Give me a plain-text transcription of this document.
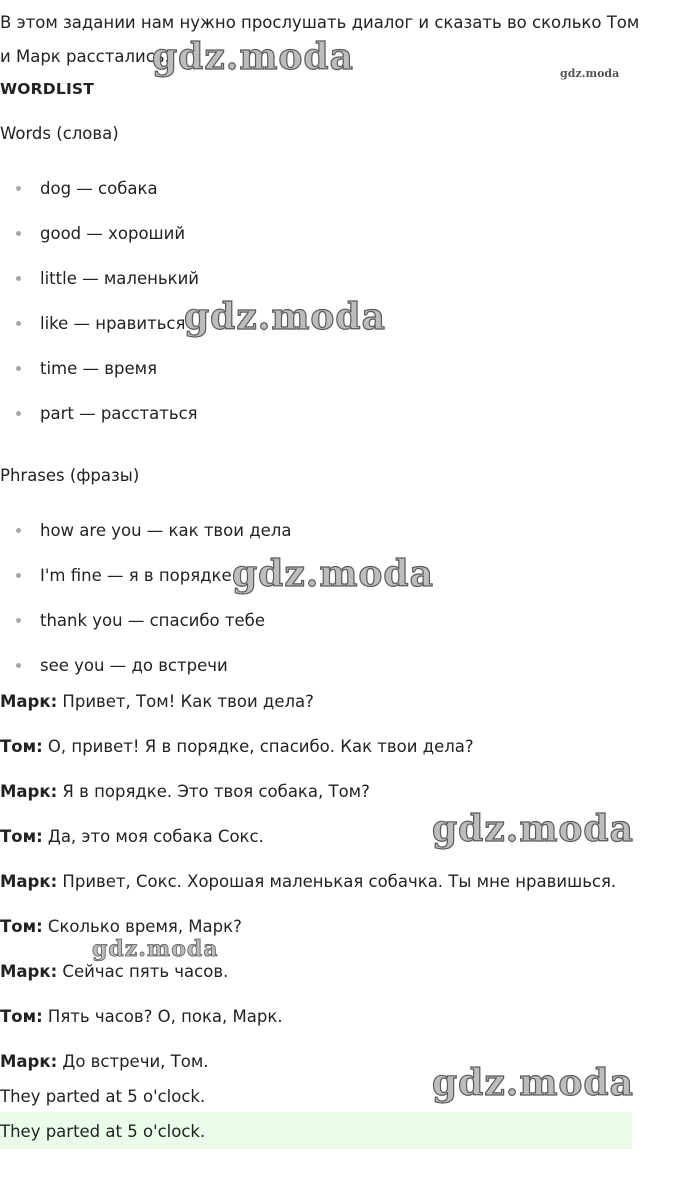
В этом задании нам нужно прослушать диалог и сказать во сколько Том и Марк расстались.

WORDLIST

Words (слова)

dog — собака
good — хороший
little — маленький
like — нравиться
time — время
part — расстаться

Phrases (фразы)

how are you — как твои дела
I'm fine — я в порядке
thank you — спасибо тебе
see you — до встречи

Марк: Привет, Том! Как твои дела?

Том: О, привет! Я в порядке, спасибо. Как твои дела?

Марк: Я в порядке. Это твоя собака, Том?

Том: Да, это моя собака Сокс.

Марк: Привет, Сокс. Хорошая маленькая собачка. Ты мне нравишься.

Том: Сколько время, Марк?

Марк: Сейчас пять часов.

Том: Пять часов? О, пока, Марк.

Марк: До встречи, Том.

They parted at 5 o'clock.

They parted at 5 o'clock.
gdz.moda	gdz.moda
gdz.moda
gdz.moda
gdz.moda
gdz.moda
gdz.moda
